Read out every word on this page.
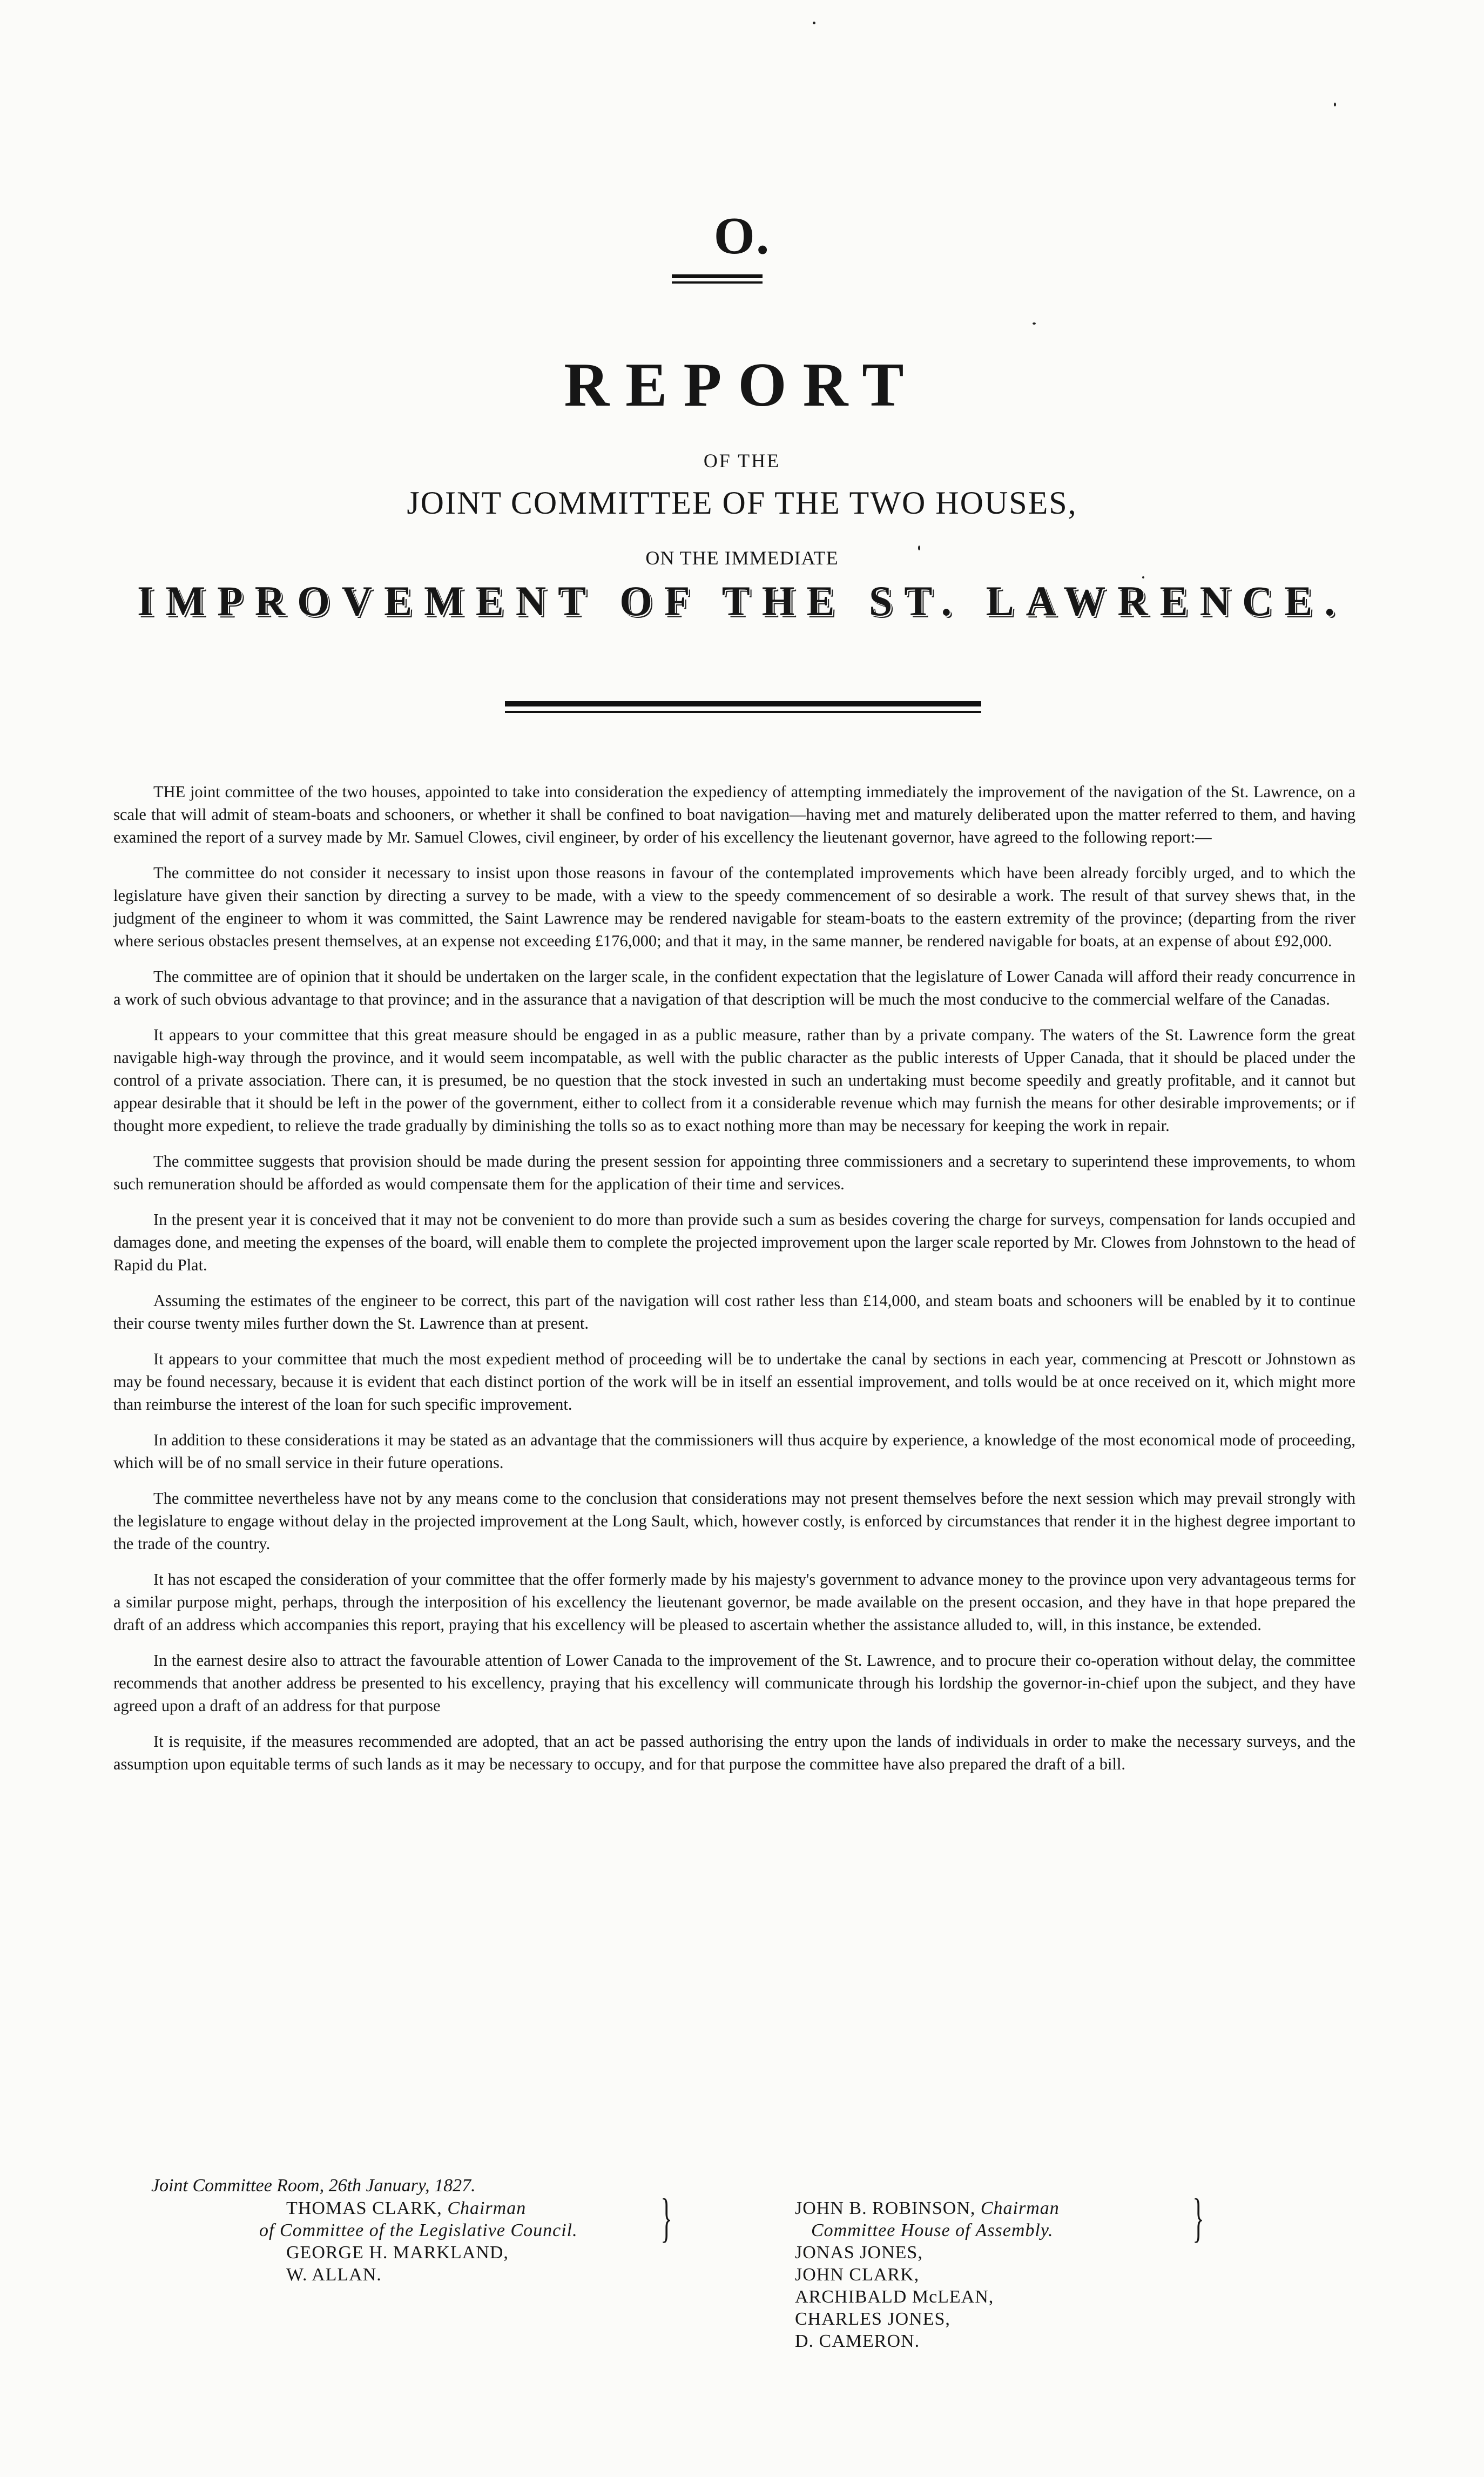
O.
REPORT
OF THE
JOINT COMMITTEE OF THE TWO HOUSES,
ON THE IMMEDIATE
IMPROVEMENT OF THE ST. LAWRENCE.

THE joint committee of the two houses, appointed to take into consideration the expediency of attempting immediately the improvement of the navigation of the St. Lawrence, on a scale that will admit of steam-boats and schooners, or whether it shall be confined to boat navigation—having met and maturely deliberated upon the matter referred to them, and having examined the report of a survey made by Mr. Samuel Clowes, civil engineer, by order of his excellency the lieutenant governor, have agreed to the following report:—

The committee do not consider it necessary to insist upon those reasons in favour of the contemplated improvements which have been already forcibly urged, and to which the legislature have given their sanction by directing a survey to be made, with a view to the speedy commencement of so desirable a work. The result of that survey shews that, in the judgment of the engineer to whom it was committed, the Saint Lawrence may be rendered navigable for steam-boats to the eastern extremity of the province; (departing from the river where serious obstacles present themselves, at an expense not exceeding £176,000; and that it may, in the same manner, be rendered navigable for boats, at an expense of about £92,000.

The committee are of opinion that it should be undertaken on the larger scale, in the confident expectation that the legislature of Lower Canada will afford their ready concurrence in a work of such obvious advantage to that province; and in the assurance that a navigation of that description will be much the most conducive to the commercial welfare of the Canadas.

It appears to your committee that this great measure should be engaged in as a public measure, rather than by a private company. The waters of the St. Lawrence form the great navigable high-way through the province, and it would seem incompatable, as well with the public character as the public interests of Upper Canada, that it should be placed under the control of a private association. There can, it is presumed, be no question that the stock invested in such an undertaking must become speedily and greatly profitable, and it cannot but appear desirable that it should be left in the power of the government, either to collect from it a considerable revenue which may furnish the means for other desirable improvements; or if thought more expedient, to relieve the trade gradually by diminishing the tolls so as to exact nothing more than may be necessary for keeping the work in repair.

The committee suggests that provision should be made during the present session for appointing three commissioners and a secretary to superintend these improvements, to whom such remuneration should be afforded as would compensate them for the application of their time and services.

In the present year it is conceived that it may not be convenient to do more than provide such a sum as besides covering the charge for surveys, compensation for lands occupied and damages done, and meeting the expenses of the board, will enable them to complete the projected improvement upon the larger scale reported by Mr. Clowes from Johnstown to the head of Rapid du Plat.

Assuming the estimates of the engineer to be correct, this part of the navigation will cost rather less than £14,000, and steam boats and schooners will be enabled by it to continue their course twenty miles further down the St. Lawrence than at present.

It appears to your committee that much the most expedient method of proceeding will be to undertake the canal by sections in each year, commencing at Prescott or Johnstown as may be found necessary, because it is evident that each distinct portion of the work will be in itself an essential improvement, and tolls would be at once received on it, which might more than reimburse the interest of the loan for such specific improvement.

In addition to these considerations it may be stated as an advantage that the commissioners will thus acquire by experience, a knowledge of the most economical mode of proceeding, which will be of no small service in their future operations.

The committee nevertheless have not by any means come to the conclusion that considerations may not present themselves before the next session which may prevail strongly with the legislature to engage without delay in the projected improvement at the Long Sault, which, however costly, is enforced by circumstances that render it in the highest degree important to the trade of the country.

It has not escaped the consideration of your committee that the offer formerly made by his majesty's government to advance money to the province upon very advantageous terms for a similar purpose might, perhaps, through the interposition of his excellency the lieutenant governor, be made available on the present occasion, and they have in that hope prepared the draft of an address which accompanies this report, praying that his excellency will be pleased to ascertain whether the assistance alluded to, will, in this instance, be extended.

In the earnest desire also to attract the favourable attention of Lower Canada to the improvement of the St. Lawrence, and to procure their co-operation without delay, the committee recommends that another address be presented to his excellency, praying that his excellency will communicate through his lordship the governor-in-chief upon the subject, and they have agreed upon a draft of an address for that purpose

It is requisite, if the measures recommended are adopted, that an act be passed authorising the entry upon the lands of individuals in order to make the necessary surveys, and the assumption upon equitable terms of such lands as it may be necessary to occupy, and for that purpose the committee have also prepared the draft of a bill.

Joint Committee Room, 26th January, 1827.
THOMAS CLARK, Chairman
of Committee of the Legislative Council.
GEORGE H. MARKLAND,
W. ALLAN.
}	JOHN B. ROBINSON, Chairman
Committee House of Assembly.
JONAS JONES,
JOHN CLARK,
ARCHIBALD McLEAN,
CHARLES JONES,
D. CAMERON.
}
